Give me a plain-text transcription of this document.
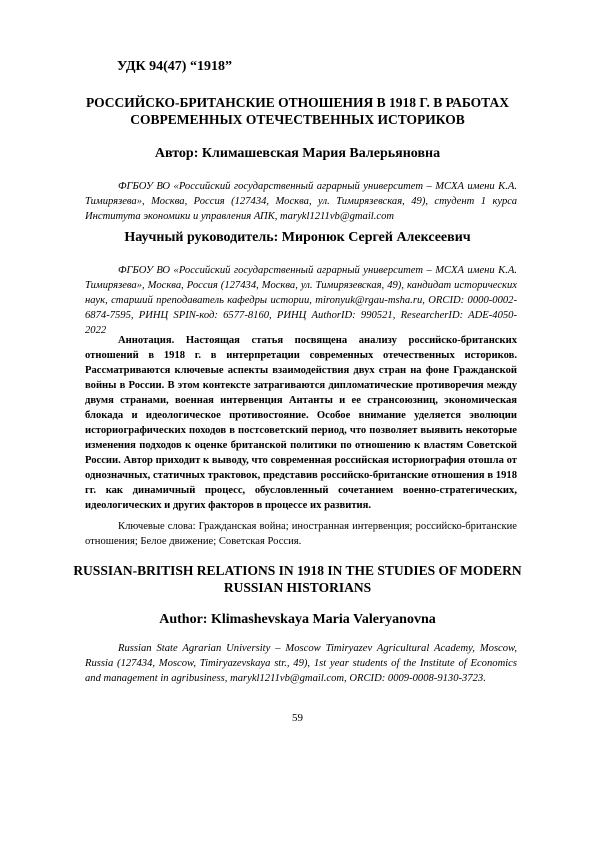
УДК 94(47) “1918”
РОССИЙСКО-БРИТАНСКИЕ ОТНОШЕНИЯ В 1918 Г. В РАБОТАХ СОВРЕМЕННЫХ ОТЕЧЕСТВЕННЫХ ИСТОРИКОВ
Автор: Климашевская Мария Валерьяновна
ФГБОУ ВО «Российский государственный аграрный университет – МСХА имени К.А. Тимирязева», Москва, Россия (127434, Москва, ул. Тимирязевская, 49), студент 1 курса Института экономики и управления АПК, marykl1211vb@gmail.com
Научный руководитель: Миронюк Сергей Алексеевич
ФГБОУ ВО «Российский государственный аграрный университет – МСХА имени К.А. Тимирязева», Москва, Россия (127434, Москва, ул. Тимирязевская, 49), кандидат исторических наук, старший преподаватель кафедры истории, mironyuk@rgau-msha.ru, ORCID: 0000-0002-6874-7595, РИНЦ SPIN-код: 6577-8160, РИНЦ AuthorID: 990521, ResearcherID: ADE-4050-2022
Аннотация. Настоящая статья посвящена анализу российско-британских отношений в 1918 г. в интерпретации современных отечественных историков. Рассматриваются ключевые аспекты взаимодействия двух стран на фоне Гражданской войны в России. В этом контексте затрагиваются дипломатические противоречия между двумя странами, военная интервенция Антанты и ее странсоюзниц, экономическая блокада и идеологическое противостояние. Особое внимание уделяется эволюции историографических походов в постсоветский период, что позволяет выявить некоторые изменения подходов к оценке британской политики по отношению к властям Советской России. Автор приходит к выводу, что современная российская историография отошла от однозначных, статичных трактовок, представив российско-британские отношения в 1918 гг. как динамичный процесс, обусловленный сочетанием военно-стратегических, идеологических и других факторов в процессе их развития.
Ключевые слова: Гражданская война; иностранная интервенция; российско-британские отношения; Белое движение; Советская Россия.
RUSSIAN-BRITISH RELATIONS IN 1918 IN THE STUDIES OF MODERN RUSSIAN HISTORIANS
Author: Klimashevskaya Maria Valeryanovna
Russian State Agrarian University – Moscow Timiryazev Agricultural Academy, Moscow, Russia (127434, Moscow, Timiryazevskaya str., 49), 1st year students of the Institute of Economics and management in agribusiness, marykl1211vb@gmail.com, ORCID: 0009-0008-9130-3723.
59
